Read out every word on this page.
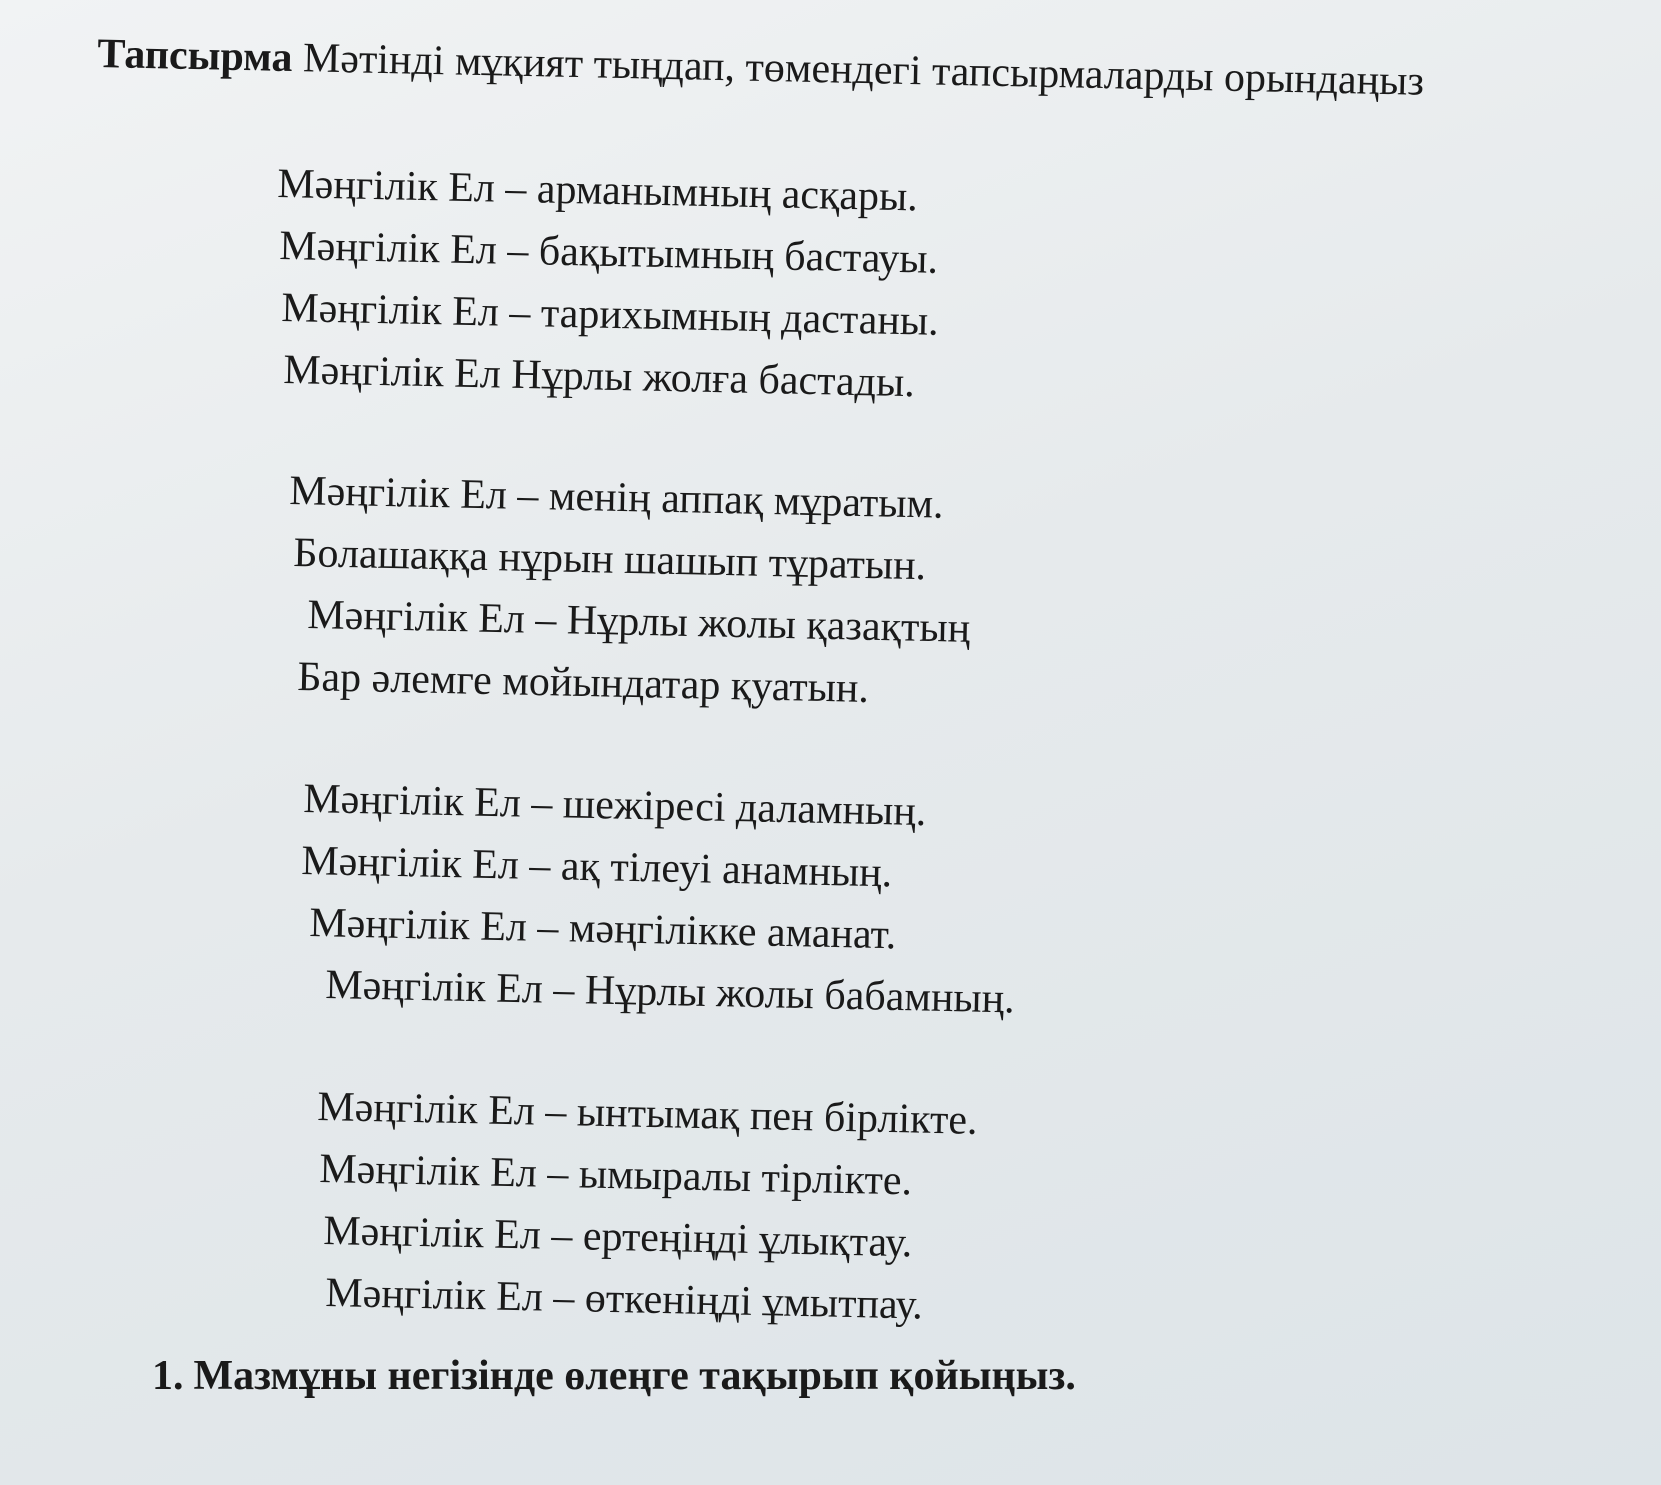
Тапсырма Мәтінді мұқият тыңдап, төмендегі тапсырмаларды орындаңыз
Мәңгілік Ел – арманымның асқары.
Мәңгілік Ел – бақытымның бастауы.
Мәңгілік Ел – тарихымның дастаны.
Мәңгілік Ел Нұрлы жолға бастады.
Мәңгілік Ел – менің аппақ мұратым.
Болашаққа нұрын шашып тұратын.
Мәңгілік Ел – Нұрлы жолы қазақтың
Бар әлемге мойындатар қуатын.
Мәңгілік Ел – шежіресі даламның.
Мәңгілік Ел – ақ тілеуі анамның.
Мәңгілік Ел – мәңгілікке аманат.
Мәңгілік Ел – Нұрлы жолы бабамның.
Мәңгілік Ел – ынтымақ пен бірлікте.
Мәңгілік Ел – ымыралы тірлікте.
Мәңгілік Ел – ертеңіңді ұлықтау.
Мәңгілік Ел – өткеніңді ұмытпау.
1. Мазмұны негізінде өлеңге тақырып қойыңыз.
